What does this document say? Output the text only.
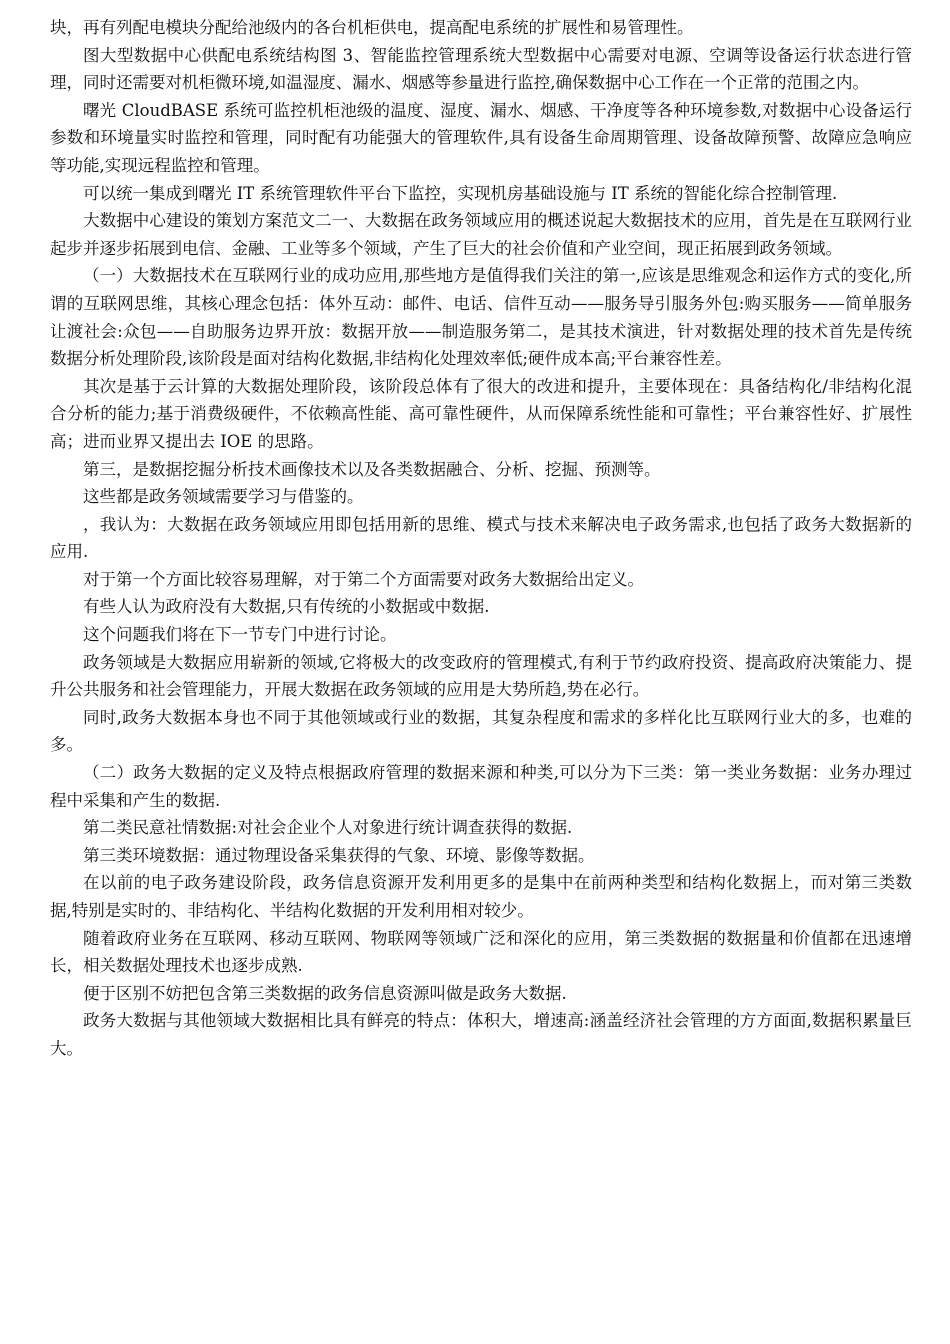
块，再有列配电模块分配给池级内的各台机柜供电，提高配电系统的扩展性和易管理性。

图大型数据中心供配电系统结构图 3、智能监控管理系统大型数据中心需要对电源、空调等设备运行状态进行管理，同时还需要对机柜微环境,如温湿度、漏水、烟感等参量进行监控,确保数据中心工作在一个正常的范围之内。

曙光 CloudBASE 系统可监控机柜池级的温度、湿度、漏水、烟感、干净度等各种环境参数,对数据中心设备运行参数和环境量实时监控和管理，同时配有功能强大的管理软件,具有设备生命周期管理、设备故障预警、故障应急响应等功能,实现远程监控和管理。

可以统一集成到曙光 IT 系统管理软件平台下监控，实现机房基础设施与 IT 系统的智能化综合控制管理.

大数据中心建设的策划方案范文二一、大数据在政务领域应用的概述说起大数据技术的应用，首先是在互联网行业起步并逐步拓展到电信、金融、工业等多个领域，产生了巨大的社会价值和产业空间，现正拓展到政务领域。

（一）大数据技术在互联网行业的成功应用,那些地方是值得我们关注的第一,应该是思维观念和运作方式的变化,所谓的互联网思维，其核心理念包括：体外互动：邮件、电话、信件互动——服务导引服务外包:购买服务——简单服务让渡社会:众包——自助服务边界开放：数据开放——制造服务第二，是其技术演进，针对数据处理的技术首先是传统数据分析处理阶段,该阶段是面对结构化数据,非结构化处理效率低;硬件成本高;平台兼容性差。

其次是基于云计算的大数据处理阶段，该阶段总体有了很大的改进和提升，主要体现在：具备结构化/非结构化混合分析的能力;基于消费级硬件，不依赖高性能、高可靠性硬件，从而保障系统性能和可靠性；平台兼容性好、扩展性高；进而业界又提出去 IOE 的思路。

第三，是数据挖掘分析技术画像技术以及各类数据融合、分析、挖掘、预测等。

这些都是政务领域需要学习与借鉴的。

，我认为：大数据在政务领域应用即包括用新的思维、模式与技术来解决电子政务需求,也包括了政务大数据新的应用.

对于第一个方面比较容易理解，对于第二个方面需要对政务大数据给出定义。

有些人认为政府没有大数据,只有传统的小数据或中数据.

这个问题我们将在下一节专门中进行讨论。

政务领域是大数据应用崭新的领域,它将极大的改变政府的管理模式,有利于节约政府投资、提高政府决策能力、提升公共服务和社会管理能力，开展大数据在政务领域的应用是大势所趋,势在必行。

同时,政务大数据本身也不同于其他领域或行业的数据，其复杂程度和需求的多样化比互联网行业大的多，也难的多。

（二）政务大数据的定义及特点根据政府管理的数据来源和种类,可以分为下三类：第一类业务数据：业务办理过程中采集和产生的数据.

第二类民意社情数据:对社会企业个人对象进行统计调查获得的数据.

第三类环境数据：通过物理设备采集获得的气象、环境、影像等数据。

在以前的电子政务建设阶段，政务信息资源开发利用更多的是集中在前两种类型和结构化数据上，而对第三类数据,特别是实时的、非结构化、半结构化数据的开发利用相对较少。

随着政府业务在互联网、移动互联网、物联网等领域广泛和深化的应用，第三类数据的数据量和价值都在迅速增长，相关数据处理技术也逐步成熟.

便于区别不妨把包含第三类数据的政务信息资源叫做是政务大数据.

政务大数据与其他领域大数据相比具有鲜亮的特点：体积大，增速高:涵盖经济社会管理的方方面面,数据积累量巨大。
